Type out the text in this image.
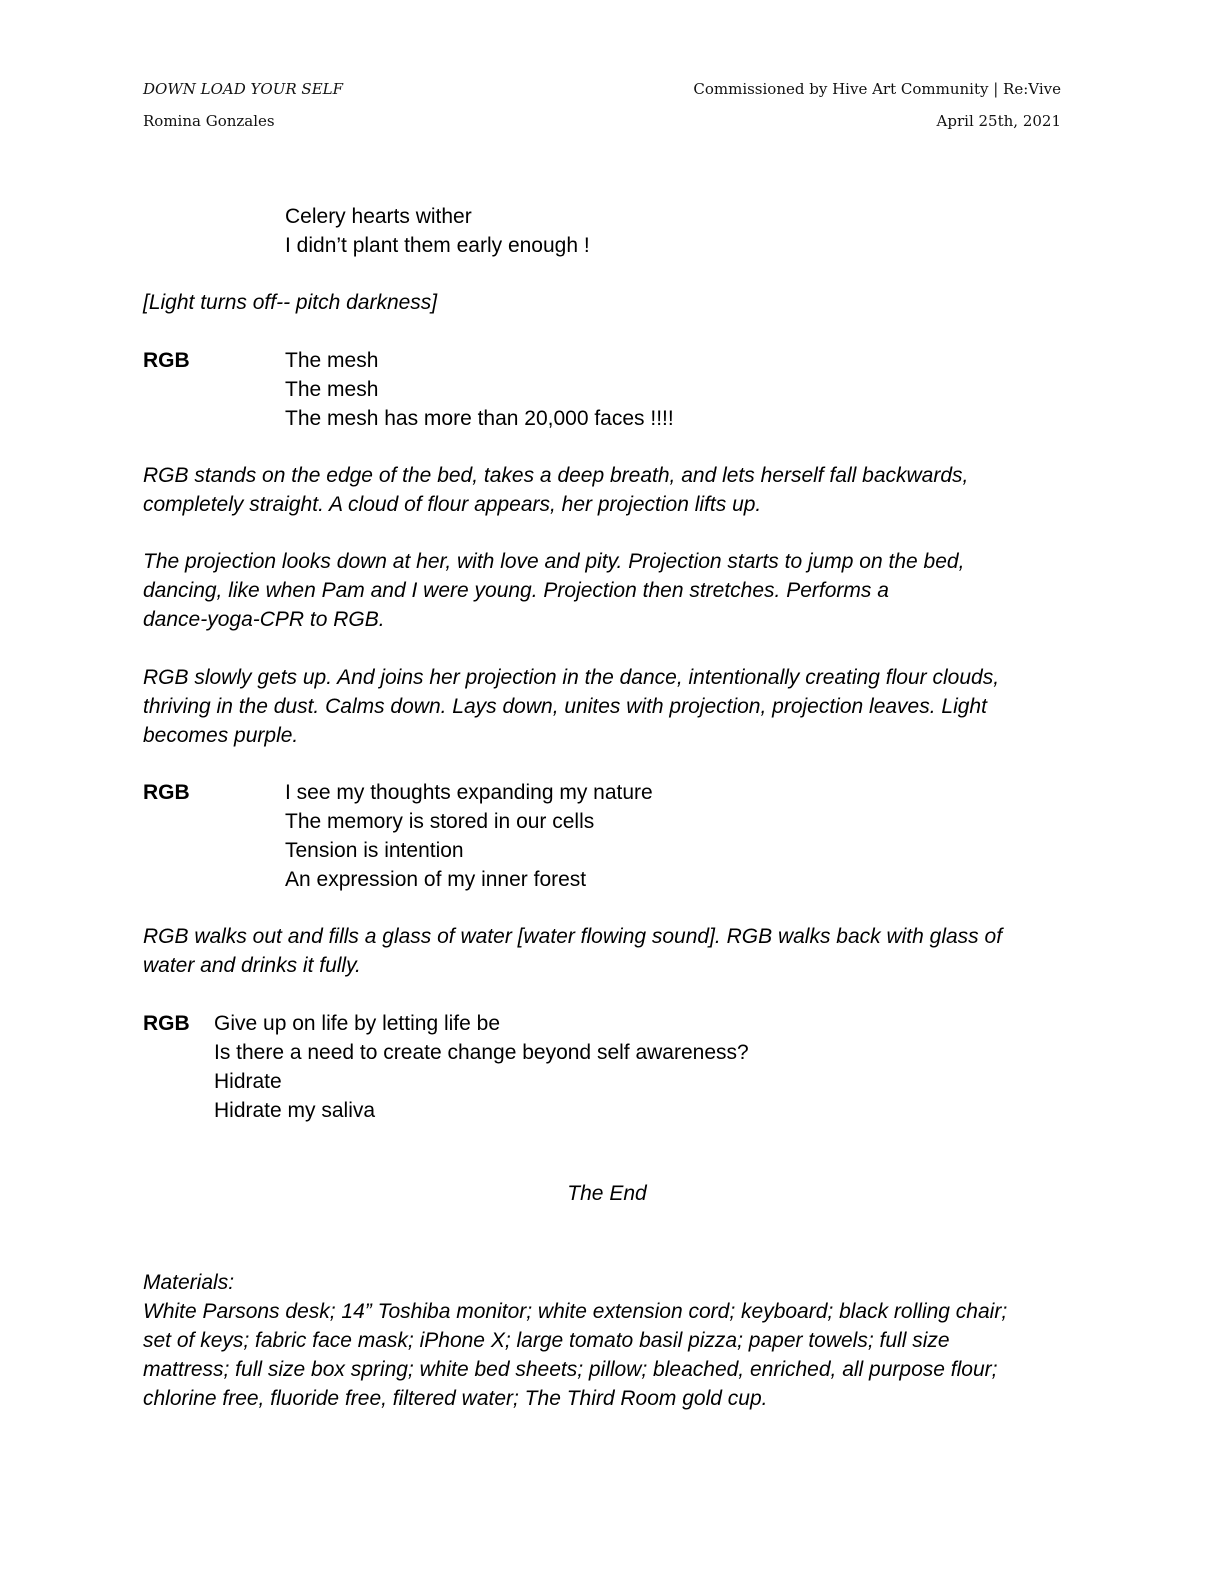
DOWN LOAD YOUR SELF
Romina Gonzales
Commissioned by Hive Art Community | Re:Vive
April 25th, 2021
Celery hearts wither
I didn’t plant them early enough !
[Light turns off-- pitch darkness]
RGB	The mesh
The mesh
The mesh has more than 20,000 faces !!!!
RGB stands on the edge of the bed, takes a deep breath, and lets herself fall backwards,
completely straight. A cloud of flour appears, her projection lifts up.
The projection looks down at her, with love and pity. Projection starts to jump on the bed,
dancing, like when Pam and I were young. Projection then stretches. Performs a
dance-yoga-CPR to RGB.
RGB slowly gets up. And joins her projection in the dance, intentionally creating flour clouds,
thriving in the dust. Calms down. Lays down, unites with projection, projection leaves. Light
becomes purple.
RGB	I see my thoughts expanding my nature
The memory is stored in our cells
Tension is intention
An expression of my inner forest
RGB walks out and fills a glass of water [water flowing sound]. RGB walks back with glass of
water and drinks it fully.
RGB Give up on life by letting life be
Is there a need to create change beyond self awareness?
Hidrate
Hidrate my saliva
The End
Materials:
White Parsons desk; 14” Toshiba monitor; white extension cord; keyboard; black rolling chair;
set of keys; fabric face mask; iPhone X; large tomato basil pizza; paper towels; full size
mattress; full size box spring; white bed sheets; pillow; bleached, enriched, all purpose flour;
chlorine free, fluoride free, filtered water; The Third Room gold cup.
